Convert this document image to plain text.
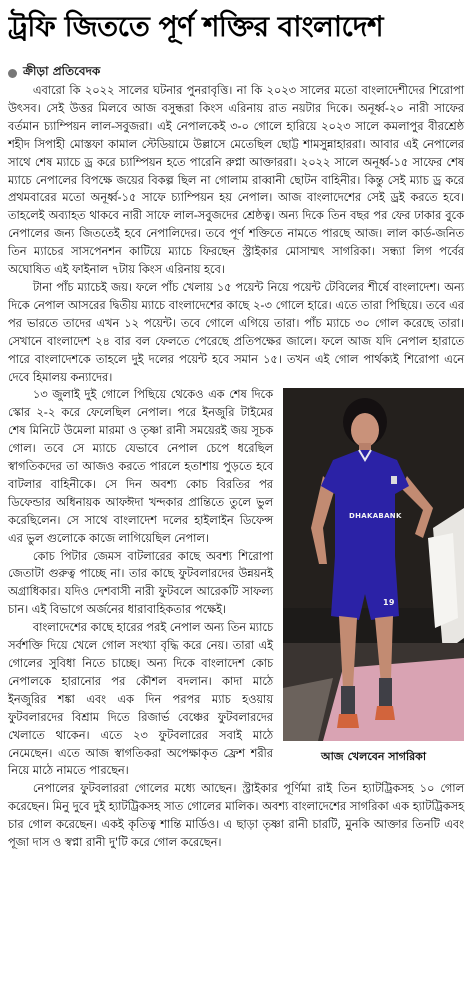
ট্রফি জিততে পূর্ণ শক্তির বাংলাদেশ
ক্রীড়া প্রতিবেদক

এবারো কি ২০২২ সালের ঘটনার পুনরাবৃত্তি। না কি ২০২৩ সালের মতো বাংলাদেশীদের শিরোপা উৎসব। সেই উত্তর মিলবে আজ বসুন্ধরা কিংস এরিনায় রাত নয়টার দিকে। অনূর্ধ্ব-২০ নারী সাফের বর্তমান চ্যাম্পিয়ন লাল-সবুজরা। এই নেপালকেই ৩-০ গোলে হারিয়ে ২০২৩ সালে কমলাপুর বীরশ্রেষ্ঠ শহীদ সিপাহী মোস্তফা কামাল স্টেডিয়ামে উল্লাসে মেতেছিল ছোট্ট শামসুন্নাহাররা। আবার এই নেপালের সাথে শেষ ম্যাচে ড্র করে চ্যাম্পিয়ন হতে পারেনি রুপ্না আক্তাররা। ২০২২ সালে অনূর্ধ্ব-১৫ সাফের শেষ ম্যাচে নেপালের বিপক্ষে জয়ের বিকল্প ছিল না গোলাম রাব্বানী ছোটন বাহিনীর। কিন্তু সেই ম্যাচ ড্র করে প্রথমবারের মতো অনূর্ধ্ব-১৫ সাফে চ্যাম্পিয়ন হয় নেপাল। আজ বাংলাদেশের সেই ড্রই করতে হবে। তাহলেই অব্যাহত থাকবে নারী সাফে লাল-সবুজদের শ্রেষ্ঠত্ব। অন্য দিকে তিন বছর পর ফের ঢাকার বুকে নেপালের জন্য জিততেই হবে নেপালিদের। তবে পূর্ণ শক্তিতে নামতে পারছে আজ। লাল কার্ড-জনিত তিন ম্যাচের সাসপেনশন কাটিয়ে ম্যাচে ফিরছেন স্ট্রাইকার মোসাম্মৎ সাগরিকা। সন্ধ্যা লিগ পর্বের অঘোষিত এই ফাইনাল ৭টায় কিংস এরিনায় হবে।

টানা পাঁচ ম্যাচেই জয়। ফলে পাঁচ খেলায় ১৫ পয়েন্ট নিয়ে পয়েন্ট টেবিলের শীর্ষে বাংলাদেশ। অন্য দিকে নেপাল আসরের দ্বিতীয় ম্যাচে বাংলাদেশের কাছে ২-৩ গোলে হারে। এতে তারা পিছিয়ে। তবে এর পর ভারতে তাদের এখন ১২ পয়েন্ট। তবে গোলে এগিয়ে তারা। পাঁচ ম্যাচে ৩০ গোল করেছে তারা। সেখানে বাংলাদেশ ২৪ বার বল ফেলতে পেরেছে প্রতিপক্ষের জালে। ফলে আজ যদি নেপাল হারাতে পারে বাংলাদেশকে তাহলে দুই দলের পয়েন্ট হবে সমান ১৫। তখন এই গোল পার্থক্যই শিরোপা এনে দেবে হিমালয় কন্যাদের।

DHAKABANK
19
আজ খেলবেন সাগরিকা

১৩ জুলাই দুই গোলে পিছিয়ে থেকেও এক শেষ দিকে স্কোর ২-২ করে ফেলেছিল নেপাল। পরে ইনজুরি টাইমের শেষ মিনিটে উমেলা মারমা ও তৃষ্ণা রানী সময়েরই জয় সূচক গোল। তবে সে ম্যাচে যেভাবে নেপাল চেপে ধরেছিল স্বাগতিকদের তা আজও করতে পারলে হতাশায় পুড়তে হবে বাটলার বাহিনীকে। সে দিন অবশ্য কোচ বিরতির পর ডিফেন্ডার অধিনায়ক আফঈদা খন্দকার প্রান্তিতে তুলে ভুল করেছিলেন। সে সাথে বাংলাদেশ দলের হাইলাইন ডিফেন্স এর ভুল গুলোকে কাজে লাগিয়েছিল নেপাল।

কোচ পিটার জেমস বাটলারের কাছে অবশ্য শিরোপা জেতাটা গুরুত্ব পাচ্ছে না। তার কাছে ফুটবলারদের উন্নয়নই অগ্রাধিকার। যদিও দেশবাসী নারী ফুটবলে আরেকটি সাফল্য চান। এই বিভাগে অর্জনের ধারাবাহিকতার পক্ষেই।

বাংলাদেশের কাছে হারের পরই নেপাল অন্য তিন ম্যাচে সর্বশক্তি দিয়ে খেলে গোল সংখ্যা বৃদ্ধি করে নেয়। তারা এই গোলের সুবিধা নিতে চাচ্ছে। অন্য দিকে বাংলাদেশ কোচ নেপালকে হারানোর পর কৌশল বদলান। কাদা মাঠে ইনজুরির শঙ্কা এবং এক দিন পরপর ম্যাচ হওয়ায় ফুটবলারদের বিশ্রাম দিতে রিজার্ভ বেঞ্চের ফুটবলারদের খেলাতে থাকেন। এতে ২৩ ফুটবলারের সবাই মাঠে নেমেছেন। এতে আজ স্বাগতিকরা অপেক্ষাকৃত ফ্রেশ শরীর নিয়ে মাঠে নামতে পারছেন।

নেপালের ফুটবলাররা গোলের মধ্যে আছেন। স্ট্রাইকার পূর্ণিমা রাই তিন হ্যাটট্রিকসহ ১০ গোল করেছেন। মিনু দুবে দুই হ্যাটট্রিকসহ সাত গোলের মালিক। অবশ্য বাংলাদেশের সাগরিকা এক হ্যাটট্রিকসহ চার গোল করেছেন। একই কৃতিত্ব শান্তি মার্ডিও। এ ছাড়া তৃষ্ণা রানী চারটি, মুনকি আক্তার তিনটি এবং পূজা দাস ও স্বপ্না রানী দু'টি করে গোল করেছেন।
